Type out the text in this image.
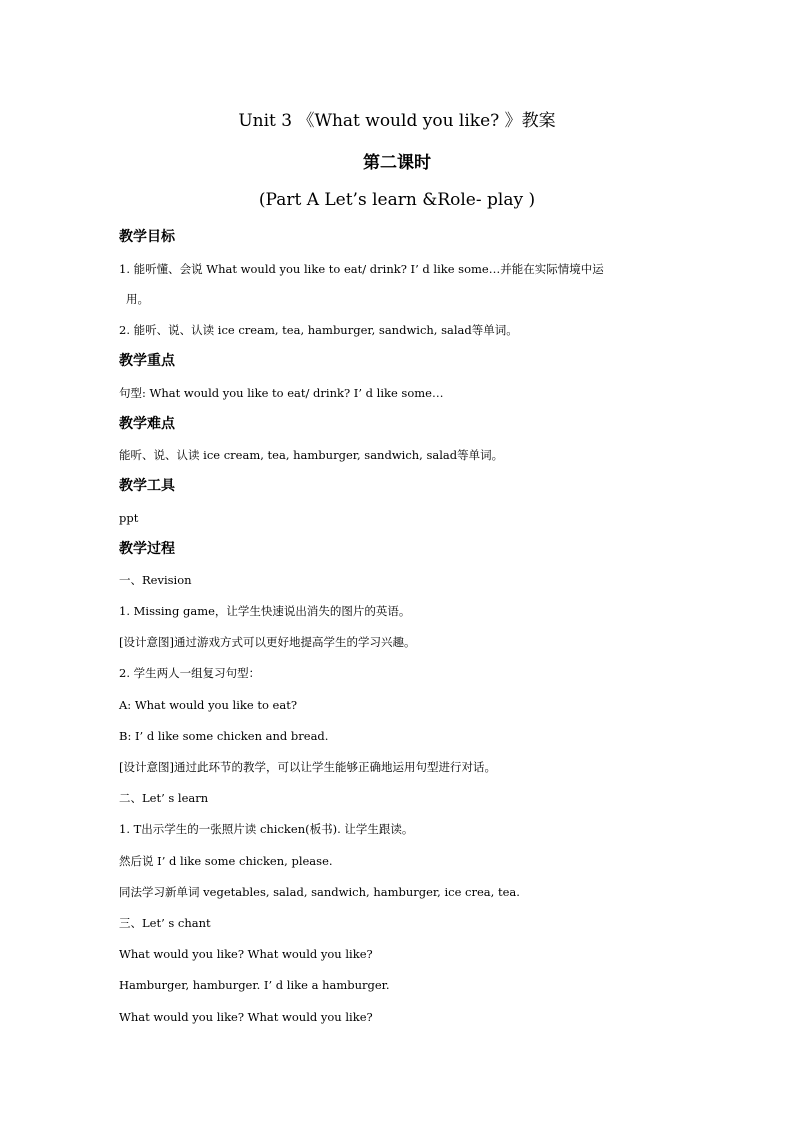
Unit 3 《What would you like? 》教案
第二课时
(Part A Let’s learn &Role- play )
教学目标
1. 能听懂、会说 What would you like to eat/ drink? I’ d like some…并能在实际情境中运
用。
2. 能听、说、认读 ice cream, tea, hamburger, sandwich, salad等单词。
教学重点
句型: What would you like to eat/ drink? I’ d like some…
教学难点
能听、说、认读 ice cream, tea, hamburger, sandwich, salad等单词。
教学工具
ppt
教学过程
一、Revision
1. Missing game，让学生快速说出消失的图片的英语。
[设计意图]通过游戏方式可以更好地提高学生的学习兴趣。
2. 学生两人一组复习句型：
A: What would you like to eat?
B: I’ d like some chicken and bread.
[设计意图]通过此环节的教学，可以让学生能够正确地运用句型进行对话。
二、Let’ s learn
1. T出示学生的一张照片读 chicken(板书). 让学生跟读。
然后说 I’ d like some chicken, please.
同法学习新单词 vegetables, salad, sandwich, hamburger, ice crea, tea.
三、Let’ s chant
What would you like? What would you like?
Hamburger, hamburger. I’ d like a hamburger.
What would you like? What would you like?
